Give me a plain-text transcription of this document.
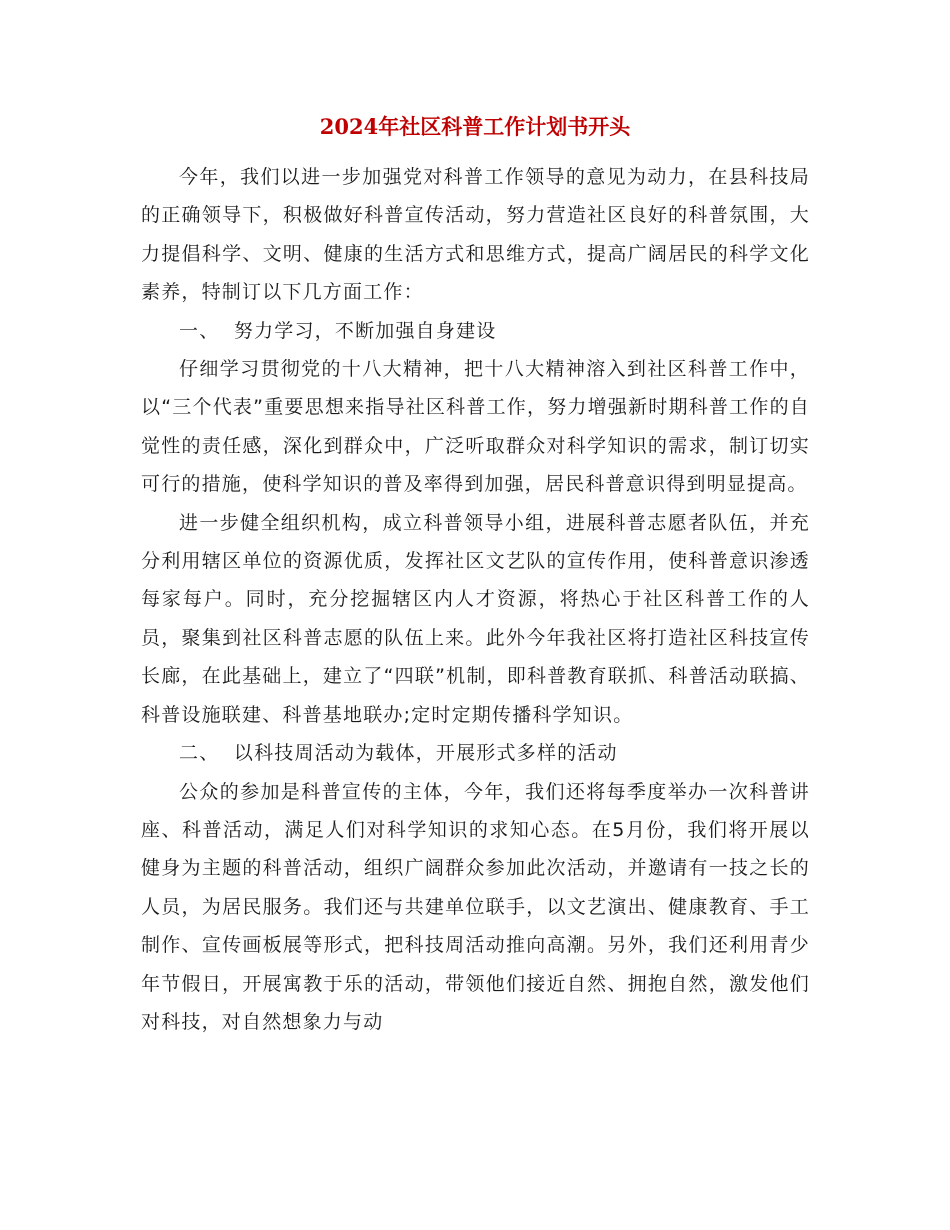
2024年社区科普工作计划书开头

今年，我们以进一步加强党对科普工作领导的意见为动力，在县科技局的正确领导下，积极做好科普宣传活动，努力营造社区良好的科普氛围，大力提倡科学、文明、健康的生活方式和思维方式，提高广阔居民的科学文化素养，特制订以下几方面工作：

一、  努力学习，不断加强自身建设

仔细学习贯彻党的十八大精神，把十八大精神溶入到社区科普工作中，以“三个代表”重要思想来指导社区科普工作，努力增强新时期科普工作的自觉性的责任感，深化到群众中，广泛听取群众对科学知识的需求，制订切实可行的措施，使科学知识的普及率得到加强，居民科普意识得到明显提高。

进一步健全组织机构，成立科普领导小组，进展科普志愿者队伍，并充分利用辖区单位的资源优质，发挥社区文艺队的宣传作用，使科普意识渗透每家每户。同时，充分挖掘辖区内人才资源，将热心于社区科普工作的人员，聚集到社区科普志愿的队伍上来。此外今年我社区将打造社区科技宣传长廊，在此基础上，建立了“四联”机制，即科普教育联抓、科普活动联搞、科普设施联建、科普基地联办;定时定期传播科学知识。

二、  以科技周活动为载体，开展形式多样的活动

公众的参加是科普宣传的主体，今年，我们还将每季度举办一次科普讲座、科普活动，满足人们对科学知识的求知心态。在5月份，我们将开展以健身为主题的科普活动，组织广阔群众参加此次活动，并邀请有一技之长的人员，为居民服务。我们还与共建单位联手，以文艺演出、健康教育、手工制作、宣传画板展等形式，把科技周活动推向高潮。另外，我们还利用青少年节假日，开展寓教于乐的活动，带领他们接近自然、拥抱自然，激发他们对科技，对自然想象力与动
